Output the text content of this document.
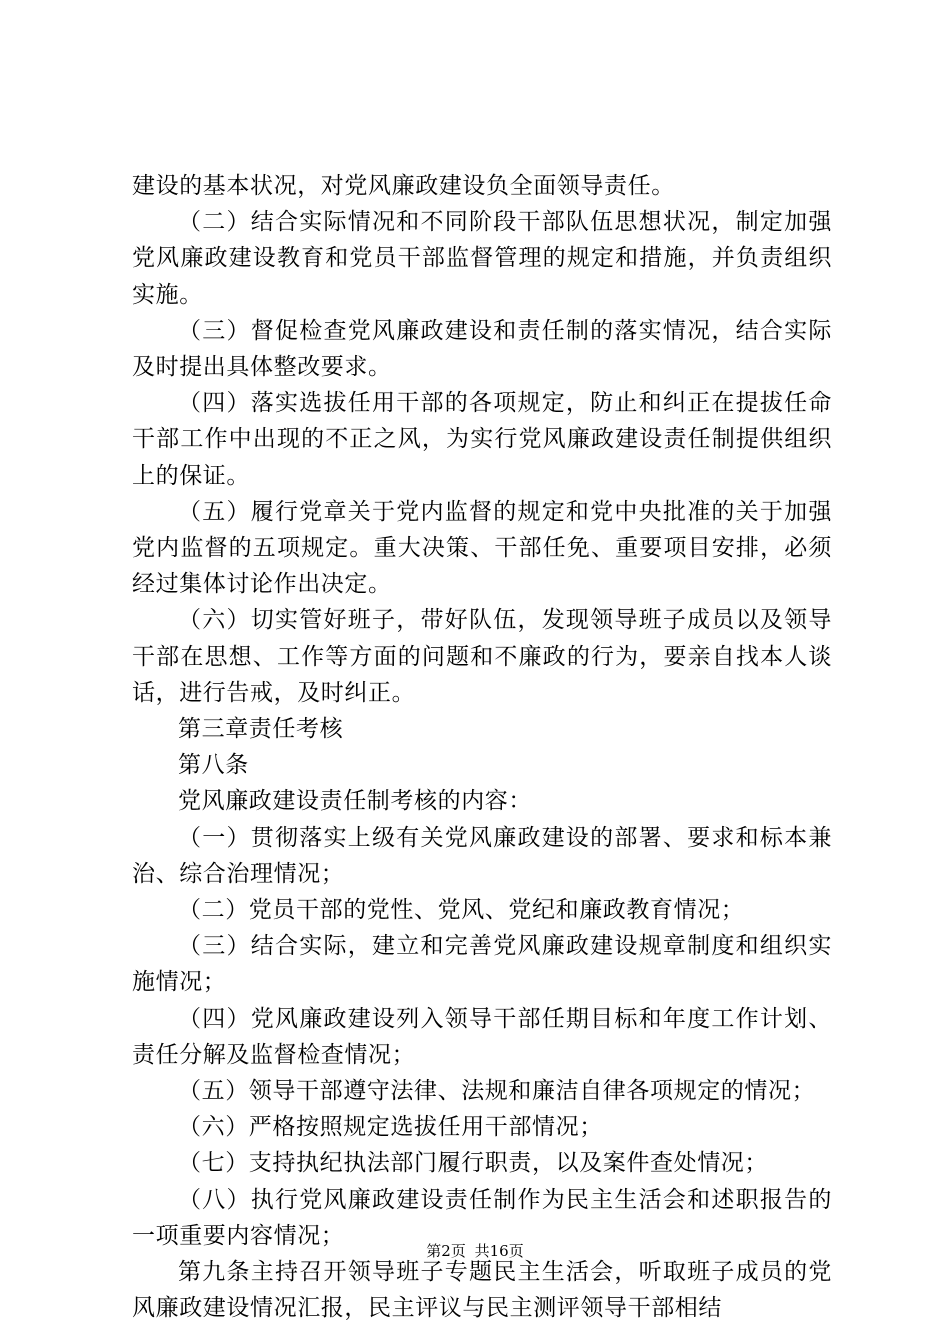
建设的基本状况，对党风廉政建设负全面领导责任。

（二）结合实际情况和不同阶段干部队伍思想状况，制定加强党风廉政建设教育和党员干部监督管理的规定和措施，并负责组织实施。

（三）督促检查党风廉政建设和责任制的落实情况，结合实际及时提出具体整改要求。

（四）落实选拔任用干部的各项规定，防止和纠正在提拔任命干部工作中出现的不正之风，为实行党风廉政建设责任制提供组织上的保证。

（五）履行党章关于党内监督的规定和党中央批准的关于加强党内监督的五项规定。重大决策、干部任免、重要项目安排，必须经过集体讨论作出决定。

（六）切实管好班子，带好队伍，发现领导班子成员以及领导干部在思想、工作等方面的问题和不廉政的行为，要亲自找本人谈话，进行告戒，及时纠正。

第三章责任考核

第八条

党风廉政建设责任制考核的内容：

（一）贯彻落实上级有关党风廉政建设的部署、要求和标本兼治、综合治理情况；

（二）党员干部的党性、党风、党纪和廉政教育情况；

（三）结合实际，建立和完善党风廉政建设规章制度和组织实施情况；

（四）党风廉政建设列入领导干部任期目标和年度工作计划、责任分解及监督检查情况；

（五）领导干部遵守法律、法规和廉洁自律各项规定的情况；

（六）严格按照规定选拔任用干部情况；

（七）支持执纪执法部门履行职责，以及案件查处情况；

（八）执行党风廉政建设责任制作为民主生活会和述职报告的一项重要内容情况；

第九条主持召开领导班子专题民主生活会，听取班子成员的党风廉政建设情况汇报，民主评议与民主测评领导干部相结

第2页 共16页
